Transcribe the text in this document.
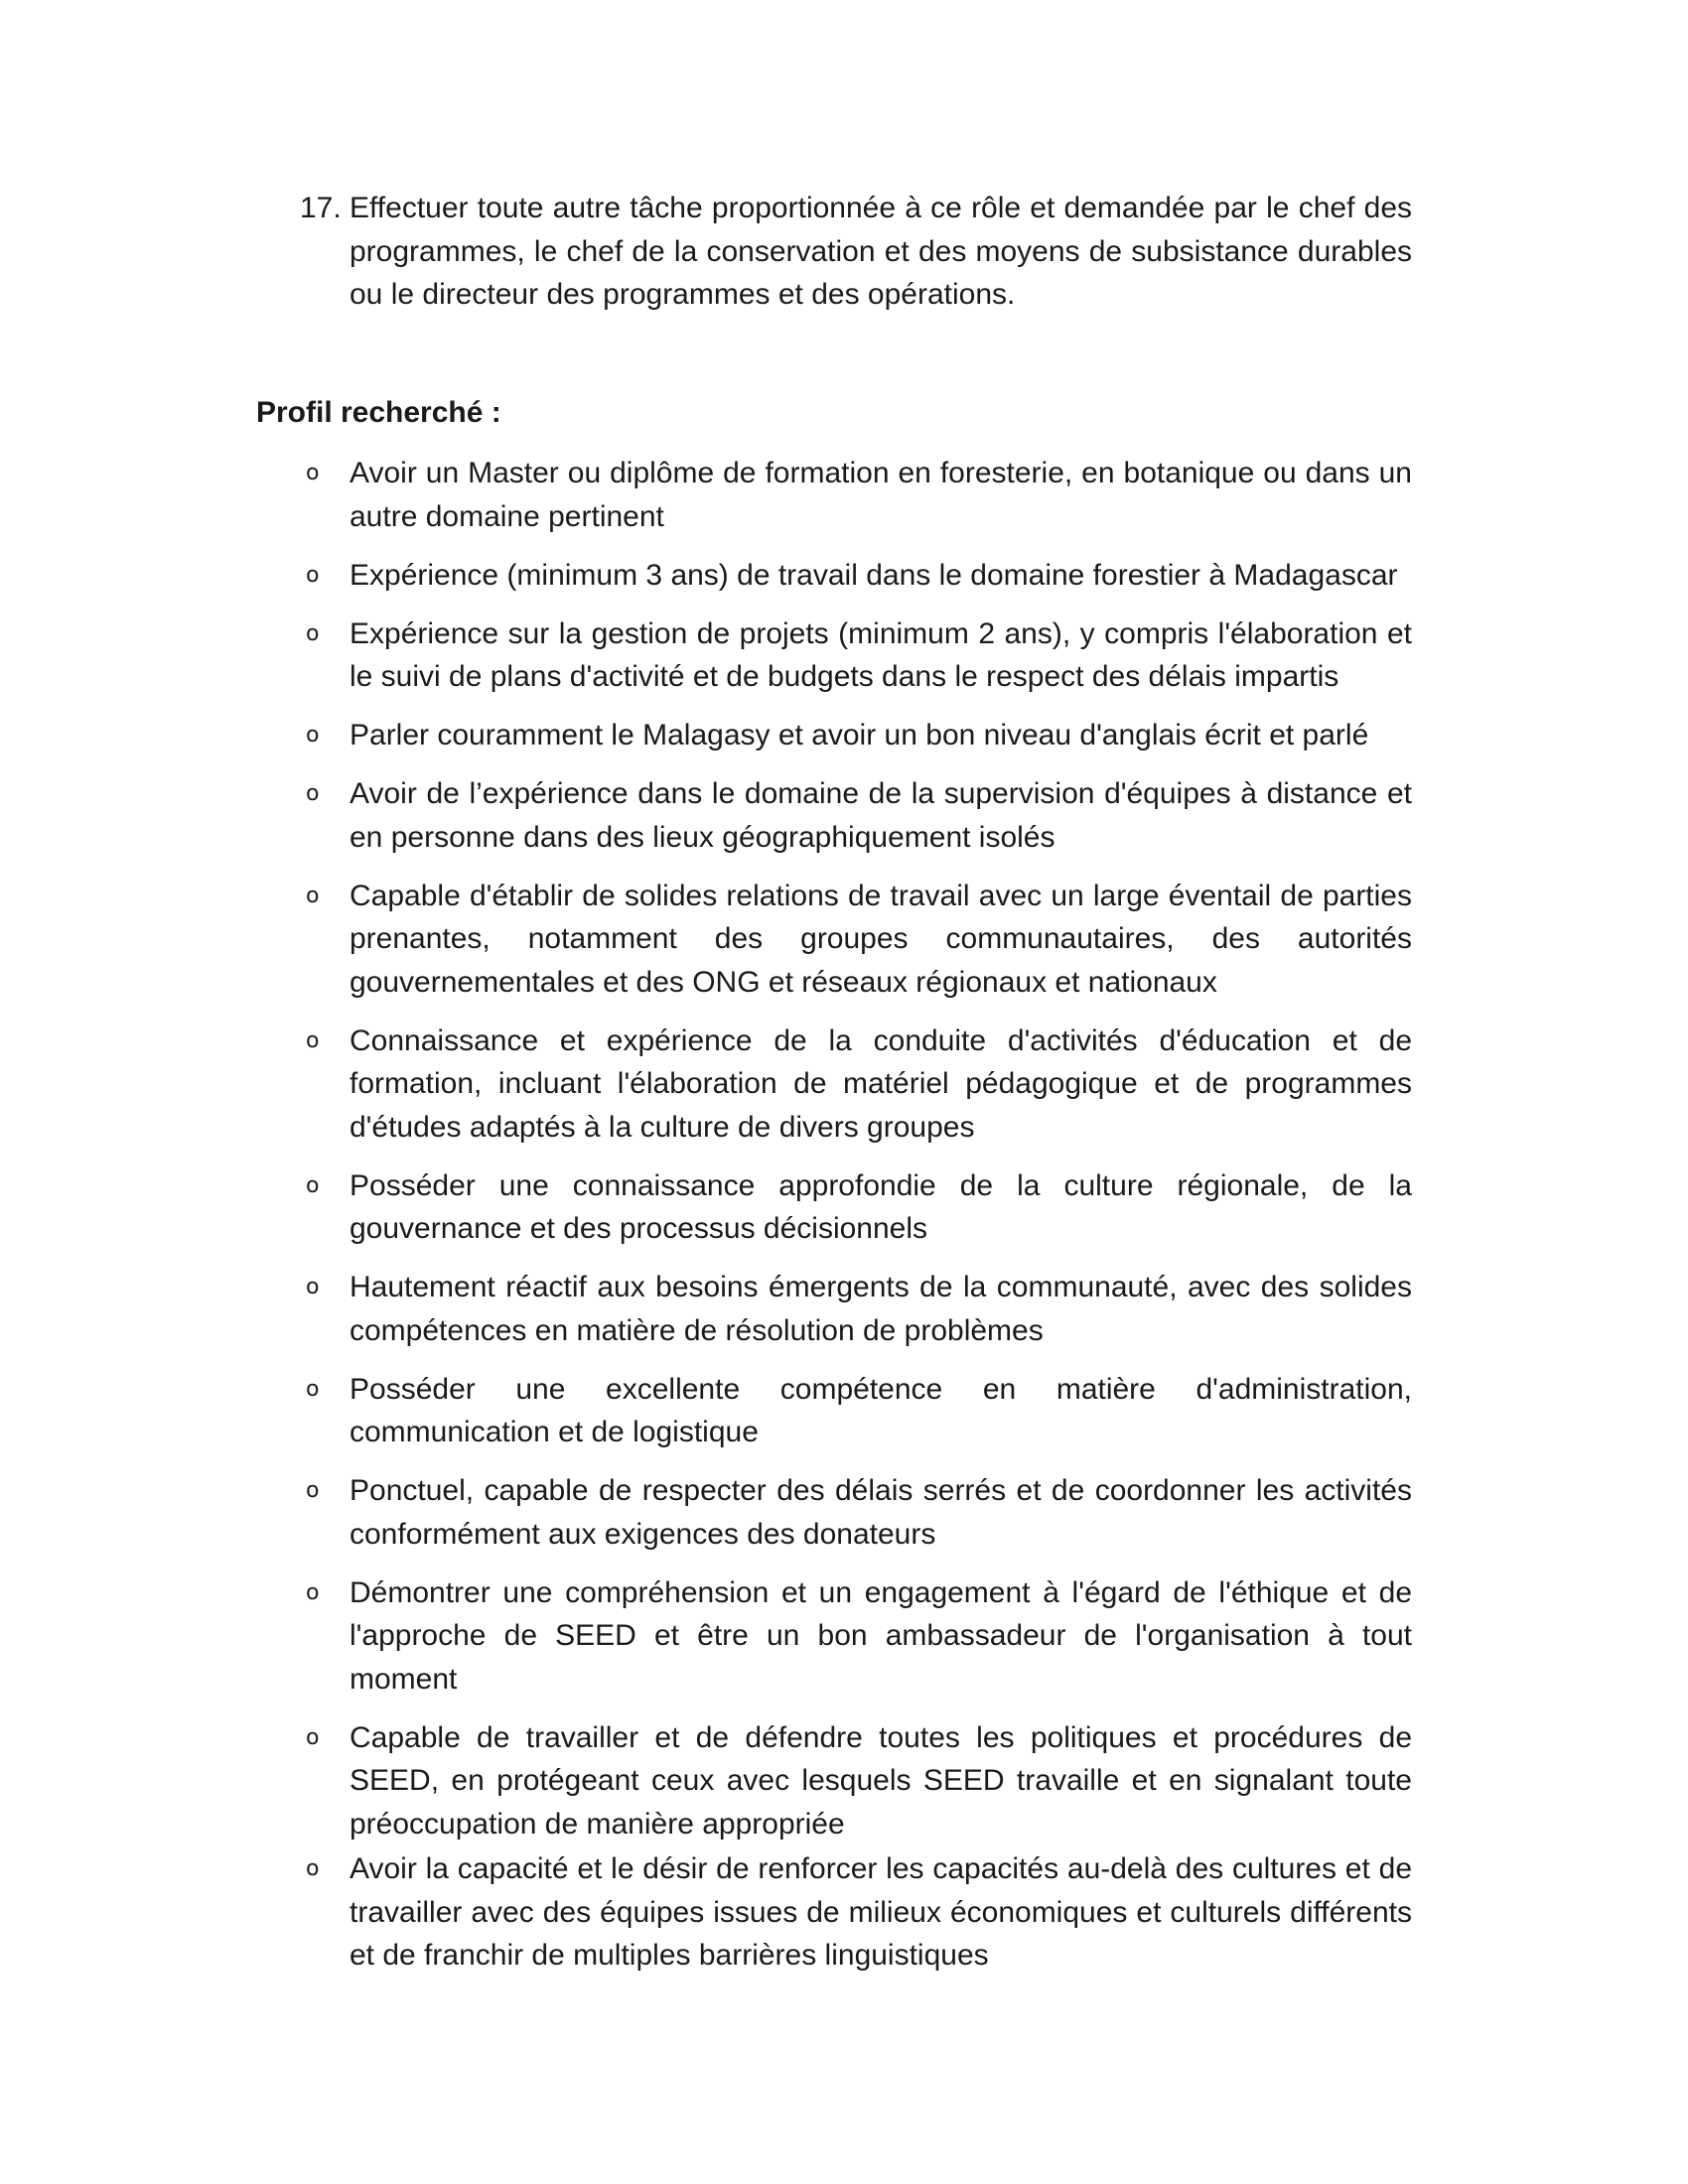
17. Effectuer toute autre tâche proportionnée à ce rôle et demandée par le chef des programmes, le chef de la conservation et des moyens de subsistance durables ou le directeur des programmes et des opérations.
Profil recherché :
o Avoir un Master ou diplôme de formation en foresterie, en botanique ou dans un autre domaine pertinent
o Expérience (minimum 3 ans) de travail dans le domaine forestier à Madagascar
o Expérience sur la gestion de projets (minimum 2 ans), y compris l'élaboration et le suivi de plans d'activité et de budgets dans le respect des délais impartis
o Parler couramment le Malagasy et avoir un bon niveau d'anglais écrit et parlé
o Avoir de l’expérience dans le domaine de la supervision d'équipes à distance et en personne dans des lieux géographiquement isolés
o Capable d'établir de solides relations de travail avec un large éventail de parties prenantes, notamment des groupes communautaires, des autorités gouvernementales et des ONG et réseaux régionaux et nationaux
o Connaissance et expérience de la conduite d'activités d'éducation et de formation, incluant l'élaboration de matériel pédagogique et de programmes d'études adaptés à la culture de divers groupes
o Posséder une connaissance approfondie de la culture régionale, de la gouvernance et des processus décisionnels
o Hautement réactif aux besoins émergents de la communauté, avec des solides compétences en matière de résolution de problèmes
o Posséder une excellente compétence en matière d'administration, communication et de logistique
o Ponctuel, capable de respecter des délais serrés et de coordonner les activités conformément aux exigences des donateurs
o Démontrer une compréhension et un engagement à l'égard de l'éthique et de l'approche de SEED et être un bon ambassadeur de l'organisation à tout moment
o Capable de travailler et de défendre toutes les politiques et procédures de SEED, en protégeant ceux avec lesquels SEED travaille et en signalant toute préoccupation de manière appropriée
o Avoir la capacité et le désir de renforcer les capacités au-delà des cultures et de travailler avec des équipes issues de milieux économiques et culturels différents et de franchir de multiples barrières linguistiques
